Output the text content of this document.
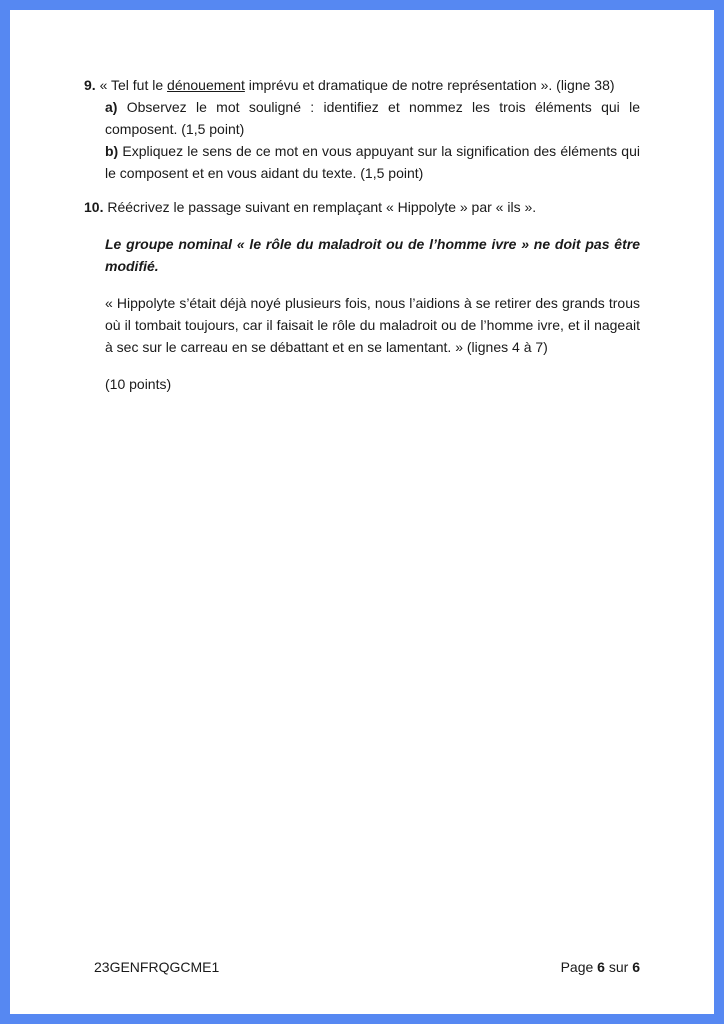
9. « Tel fut le dénouement imprévu et dramatique de notre représentation ». (ligne 38)

a) Observez le mot souligné : identifiez et nommez les trois éléments qui le composent. (1,5 point)

b) Expliquez le sens de ce mot en vous appuyant sur la signification des éléments qui le composent et en vous aidant du texte. (1,5 point)

10. Réécrivez le passage suivant en remplaçant « Hippolyte » par « ils ».

Le groupe nominal « le rôle du maladroit ou de l’homme ivre » ne doit pas être modifié.

« Hippolyte s’était déjà noyé plusieurs fois, nous l’aidions à se retirer des grands trous où il tombait toujours, car il faisait le rôle du maladroit ou de l’homme ivre, et il nageait à sec sur le carreau en se débattant et en se lamentant. » (lignes 4 à 7)

(10 points)

23GENFRQGCME1	Page 6 sur 6
